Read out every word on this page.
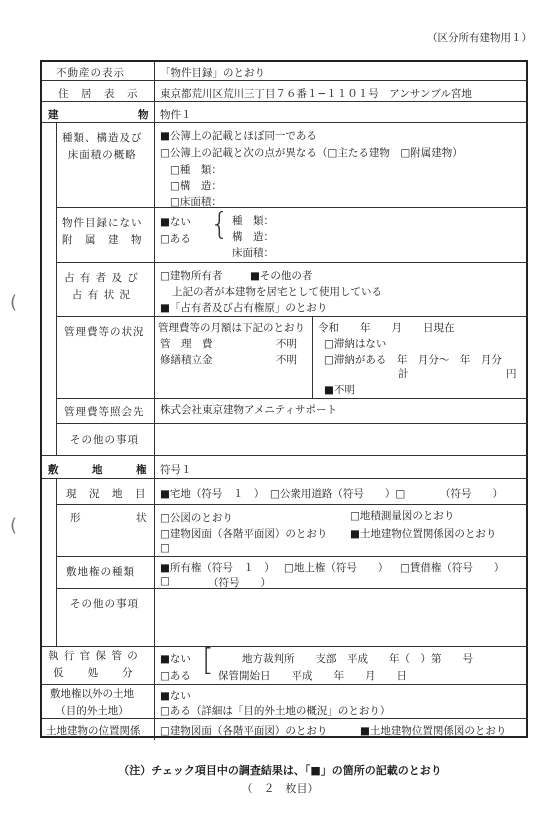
（区分所有建物用１）
(
(
不動産の表示	「物件目録」のとおり
住　居　表　示 東京都荒川区荒川三丁目７６番１−１１０１号　アンサンブル宮地
建	物 物件１
種類、構造及び
床面積の概略
■公簿上の記載とほぼ同一である
□公簿上の記載と次の点が異なる（□主たる建物　□附属建物）
□種　類：
□構　造：
□床面積：
物件目録にない
附　属　建　物
■ない
□ある { 種　類：
構　造：
床面積：
占 有 者 及 び
占 有 状 況
□建物所有者	■その他の者
上記の者が本建物を居宅として使用している
■「占有者及び占有権原」のとおり
管理費等の状況 管理費等の月額は下記のとおり
管　理　費	不明
修繕積立金	不明
令和　　年　　月　　日現在
□滞納はない
□滞納がある　年　月分〜　年　月分
計	円
■不明
管理費等照会先 株式会社東京建物アメニティサポート
その他の事項
敷	地	権 符号１
現　況　地　目 ■宅地（符号　１　） □公衆用道路（符号　　）□	（符号　　）
形	状 □公図のとおり	□地積測量図のとおり
□建物図面（各階平面図）のとおり ■土地建物位置関係図のとおり
□
敷地権の種類 ■所有権（符号　１　） □地上権（符号　　） □賃借権（符号　　）
□	（符号　　）
その他の事項
執 行 官 保 管 の
仮　　処　　分
■ない
□ある [	地方裁判所　　支部　平成　　年（　）第　　号
保管開始日　　平成　　年　　月　　日
敷地権以外の土地
（目的外土地）
■ない
□ある（詳細は「目的外土地の概況」のとおり）
土地建物の位置関係 □建物図面（各階平面図）のとおり	■土地建物位置関係図のとおり
（注）チェック項目中の調査結果は、「■」の箇所の記載のとおり
（　２　枚目）
